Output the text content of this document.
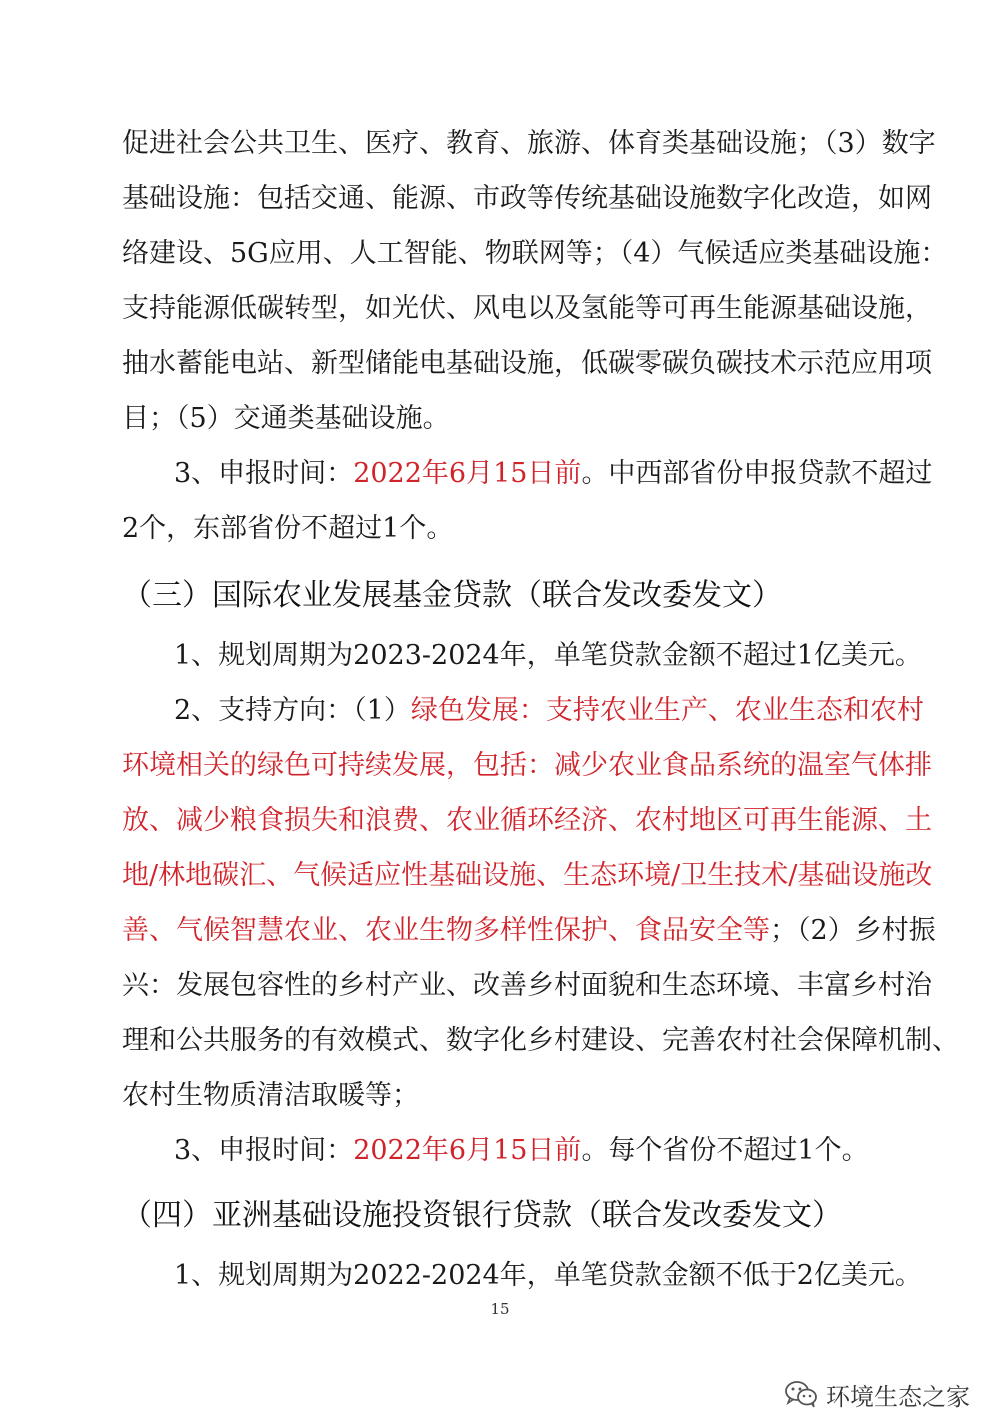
促进社会公共卫生、医疗、教育、旅游、体育类基础设施；（3）数字
基础设施：包括交通、能源、市政等传统基础设施数字化改造，如网
络建设、5G应用、人工智能、物联网等；（4）气候适应类基础设施：
支持能源低碳转型，如光伏、风电以及氢能等可再生能源基础设施，
抽水蓄能电站、新型储能电基础设施，低碳零碳负碳技术示范应用项
目；（5）交通类基础设施。
3、申报时间：2022年6月15日前。中西部省份申报贷款不超过
2个，东部省份不超过1个。
（三）国际农业发展基金贷款（联合发改委发文）
1、规划周期为2023-2024年，单笔贷款金额不超过1亿美元。
2、支持方向：（1）绿色发展：支持农业生产、农业生态和农村
环境相关的绿色可持续发展，包括：减少农业食品系统的温室气体排
放、减少粮食损失和浪费、农业循环经济、农村地区可再生能源、土
地/林地碳汇、气候适应性基础设施、生态环境/卫生技术/基础设施改
善、气候智慧农业、农业生物多样性保护、食品安全等；（2）乡村振
兴：发展包容性的乡村产业、改善乡村面貌和生态环境、丰富乡村治
理和公共服务的有效模式、数字化乡村建设、完善农村社会保障机制、
农村生物质清洁取暖等；
3、申报时间：2022年6月15日前。每个省份不超过1个。
（四）亚洲基础设施投资银行贷款（联合发改委发文）
1、规划周期为2022-2024年，单笔贷款金额不低于2亿美元。
15
环境生态之家
